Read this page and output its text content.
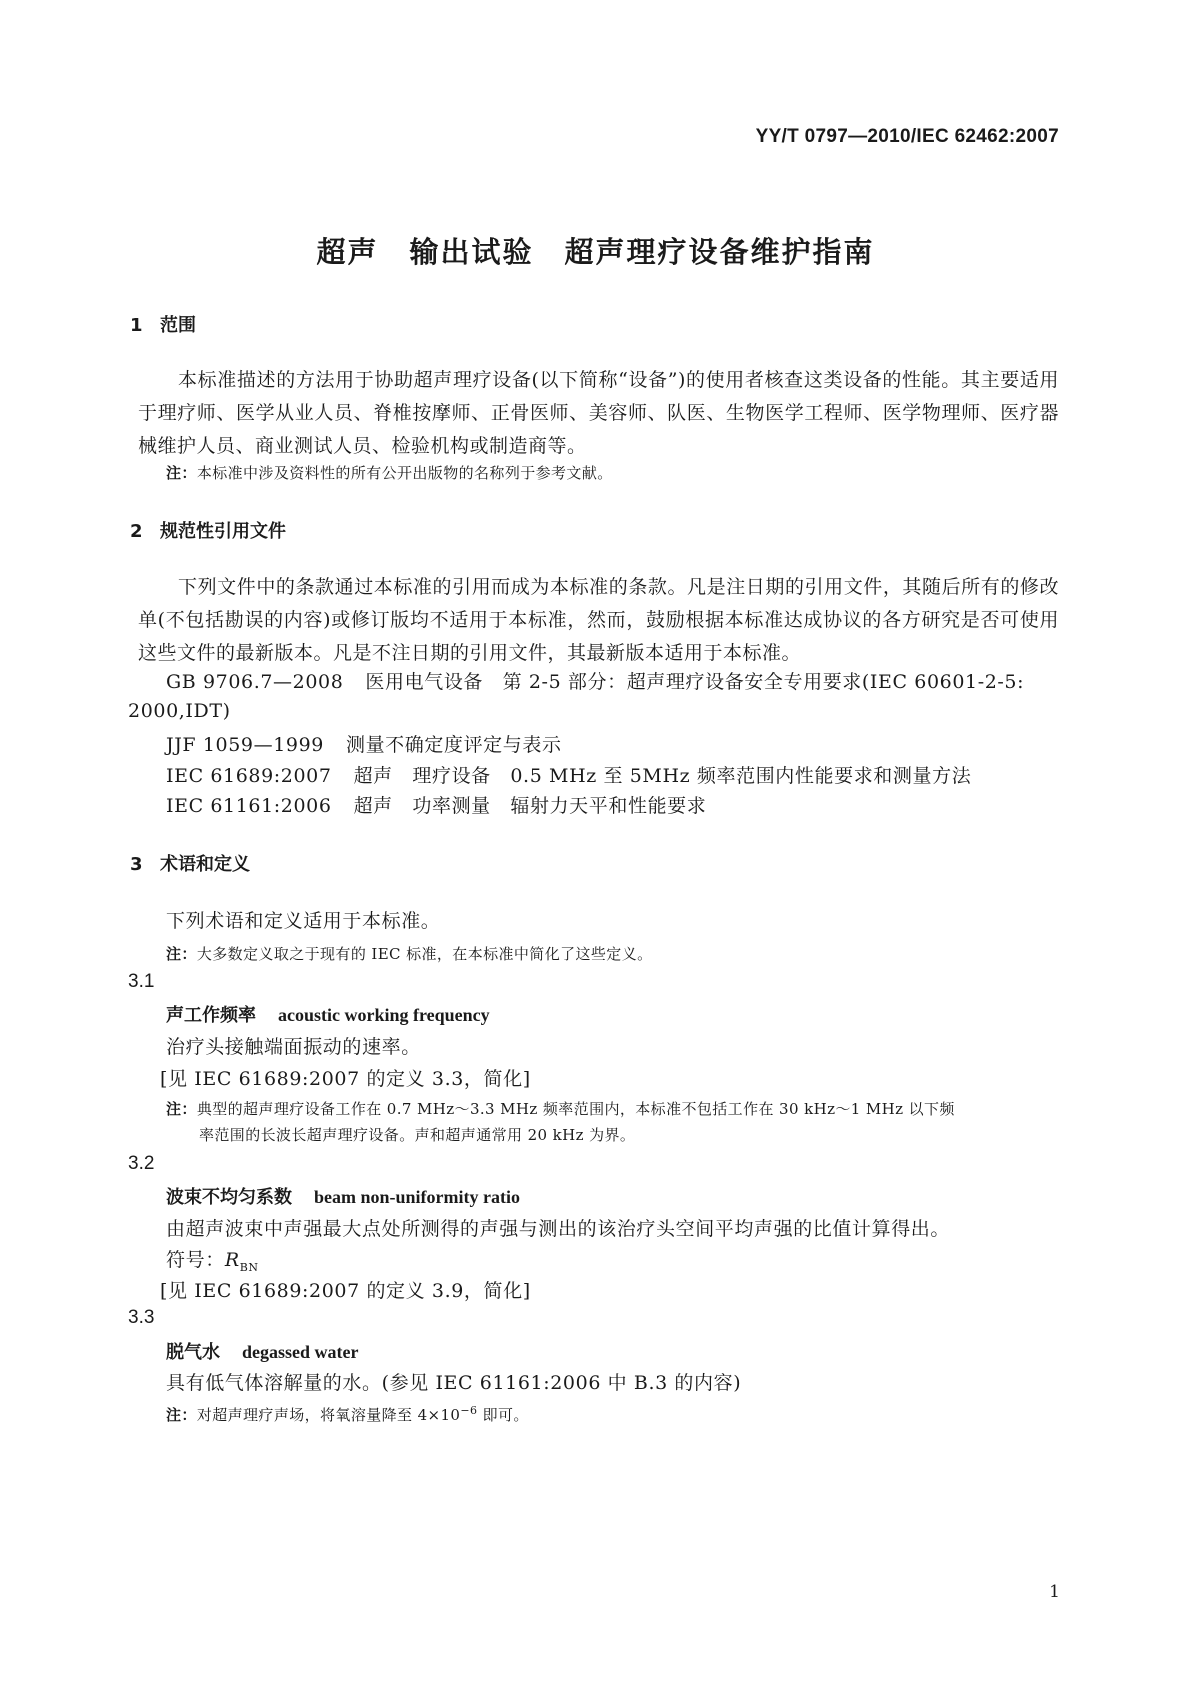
YY/T 0797—2010/IEC 62462:2007
超声　输出试验　超声理疗设备维护指南
1 范围
本标准描述的方法用于协助超声理疗设备(以下简称“设备”)的使用者核查这类设备的性能。其主要适用于理疗师、医学从业人员、脊椎按摩师、正骨医师、美容师、队医、生物医学工程师、医学物理师、医疗器械维护人员、商业测试人员、检验机构或制造商等。
注：本标准中涉及资料性的所有公开出版物的名称列于参考文献。
2 规范性引用文件
下列文件中的条款通过本标准的引用而成为本标准的条款。凡是注日期的引用文件，其随后所有的修改单(不包括勘误的内容)或修订版均不适用于本标准，然而，鼓励根据本标准达成协议的各方研究是否可使用这些文件的最新版本。凡是不注日期的引用文件，其最新版本适用于本标准。
GB 9706.7—2008 医用电气设备　第 2-5 部分：超声理疗设备安全专用要求(IEC 60601-2-5:
2000,IDT)
JJF 1059—1999 测量不确定度评定与表示
IEC 61689:2007 超声　理疗设备　0.5 MHz 至 5MHz 频率范围内性能要求和测量方法
IEC 61161:2006 超声　功率测量　辐射力天平和性能要求
3 术语和定义
下列术语和定义适用于本标准。
注：大多数定义取之于现有的 IEC 标准，在本标准中简化了这些定义。
3.1
声工作频率 acoustic working frequency
治疗头接触端面振动的速率。
[见 IEC 61689:2007 的定义 3.3，简化]
注：典型的超声理疗设备工作在 0.7 MHz～3.3 MHz 频率范围内，本标准不包括工作在 30 kHz～1 MHz 以下频
率范围的长波长超声理疗设备。声和超声通常用 20 kHz 为界。
3.2
波束不均匀系数 beam non-uniformity ratio
由超声波束中声强最大点处所测得的声强与测出的该治疗头空间平均声强的比值计算得出。
符号：$R_{BN}$
[见 IEC 61689:2007 的定义 3.9，简化]
3.3
脱气水 degassed water
具有低气体溶解量的水。(参见 IEC 61161:2006 中 B.3 的内容)
注：对超声理疗声场，将氧溶量降至 $4\times 10^{-6}$ 即可。
1
